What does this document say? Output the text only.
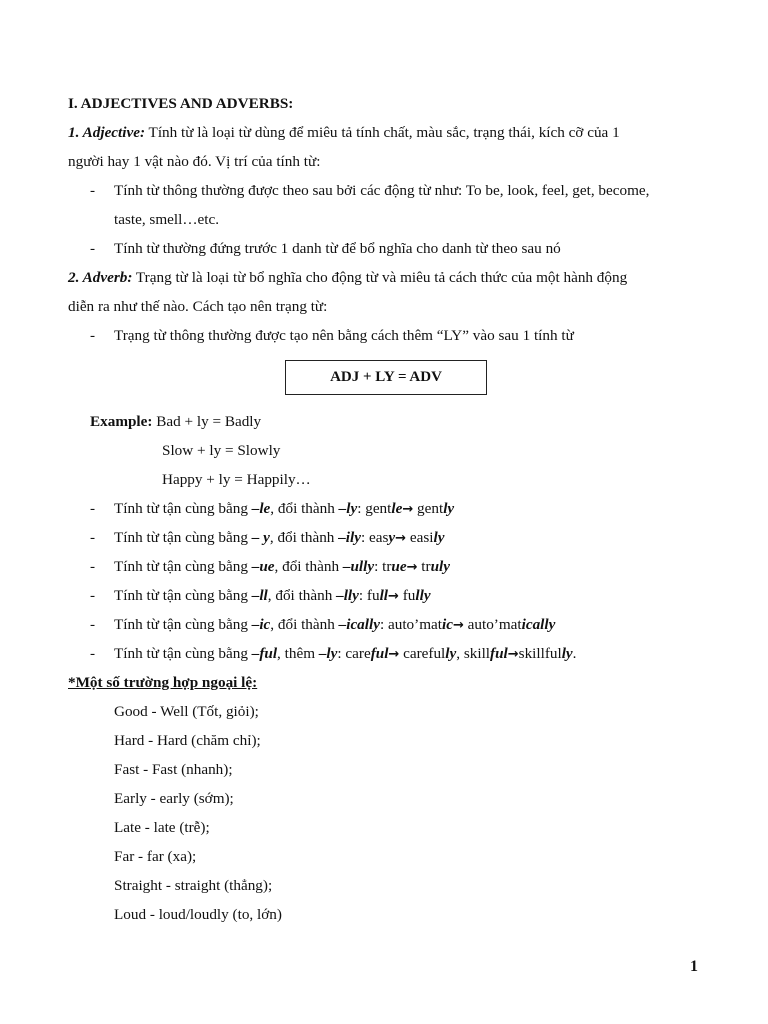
I. ADJECTIVES AND ADVERBS:
1. Adjective: Tính từ là loại từ dùng để miêu tả tính chất, màu sắc, trạng thái, kích cỡ của 1
người hay 1 vật nào đó. Vị trí của tính từ:
- Tính từ thông thường được theo sau bởi các động từ như: To be, look, feel, get, become,
taste, smell…etc.
- Tính từ thường đứng trước 1 danh từ để bổ nghĩa cho danh từ theo sau nó
2. Adverb: Trạng từ là loại từ bổ nghĩa cho động từ và miêu tả cách thức của một hành động
diễn ra như thế nào. Cách tạo nên trạng từ:
- Trạng từ thông thường được tạo nên bằng cách thêm “LY” vào sau 1 tính từ
ADJ + LY = ADV
Example: Bad + ly = Badly
Slow + ly = Slowly
Happy + ly = Happily…
- Tính từ tận cùng bằng –le, đổi thành –ly: gentle→ gently
- Tính từ tận cùng bằng – y, đổi thành –ily: easy→ easily
- Tính từ tận cùng bằng –ue, đổi thành –ully: true→ truly
- Tính từ tận cùng bằng –ll, đổi thành –lly: full→ fully
- Tính từ tận cùng bằng –ic, đổi thành –ically: auto’matic→ auto’matically
- Tính từ tận cùng bằng –ful, thêm –ly: careful→ carefully, skillful→skillfully.
*Một số trường hợp ngoại lệ:
Good - Well (Tốt, giỏi);
Hard - Hard (chăm chỉ);
Fast - Fast (nhanh);
Early - early (sớm);
Late - late (trễ);
Far - far (xa);
Straight - straight (thẳng);
Loud - loud/loudly (to, lớn)
1
